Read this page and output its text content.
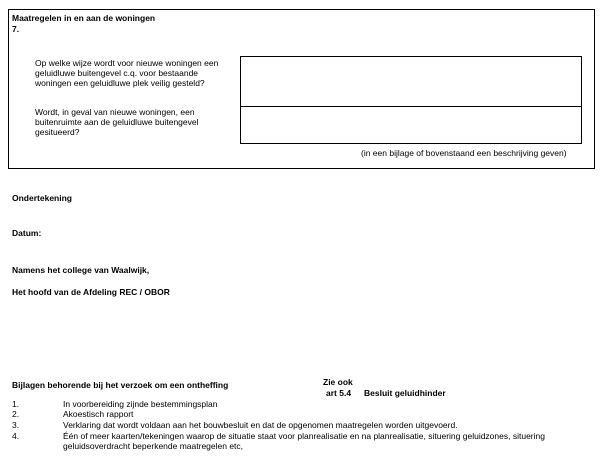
Maatregelen in en aan de woningen
7.
Op welke wijze wordt voor nieuwe woningen een
geluidluwe buitengevel c.q. voor bestaande
woningen een geluidluwe plek veilig gesteld?
Wordt, in geval van nieuwe woningen, een
buitenruimte aan de geluidluwe buitengevel
gesitueerd?
(in een bijlage of bovenstaand een beschrijving geven)
Ondertekening
Datum:
Namens het college van Waalwijk,
Het hoofd van de Afdeling REC / OBOR
Bijlagen behorende bij het verzoek om een ontheffing	Zie ook
art 5.4 Besluit geluidhinder
1.	In voorbereiding zijnde bestemmingsplan
2.	Akoestisch rapport
3.	Verklaring dat wordt voldaan aan het bouwbesluit en dat de opgenomen maatregelen worden uitgevoerd.
4.	Één of meer kaarten/tekeningen waarop de situatie staat voor planrealisatie en na planrealisatie, situering geluidzones, situering
geluidsoverdracht beperkende maatregelen etc,
